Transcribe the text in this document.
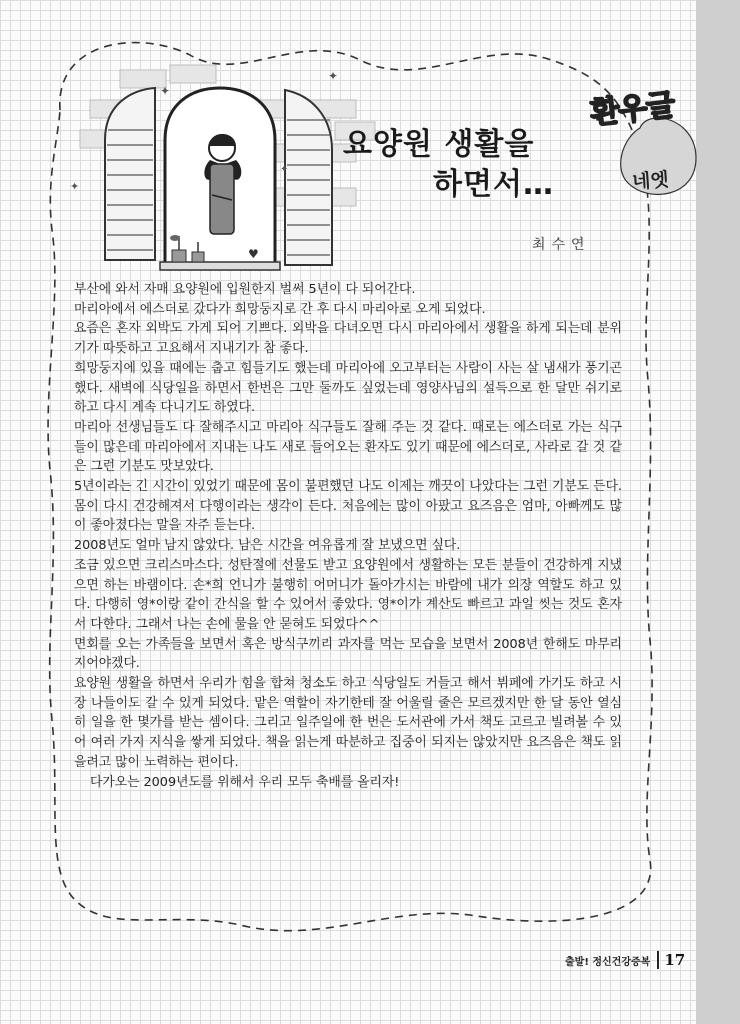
♥
✦
✦
✦
✦
환우글
네엣
요양원 생활을
하면서…
최수연

부산에 와서 자매 요양원에 입원한지 벌써 5년이 다 되어간다.

마리아에서 에스더로 갔다가 희망둥지로 간 후 다시 마리아로 오게 되었다.

요즘은 혼자 외박도 가게 되어 기쁘다. 외박을 다녀오면 다시 마리아에서 생활을 하게 되는데 분위기가 따뜻하고 고요해서 지내기가 참 좋다.

희망둥지에 있을 때에는 춥고 힘들기도 했는데 마리아에 오고부터는 사람이 사는 살 냄새가 풍기곤 했다. 새벽에 식당일을 하면서 한번은 그만 둘까도 싶었는데 영양사님의 설득으로 한 달만 쉬기로 하고 다시 계속 다니기도 하였다.

마리아 선생님들도 다 잘해주시고 마리아 식구들도 잘해 주는 것 같다. 때로는 에스더로 가는 식구들이 많은데 마리아에서 지내는 나도 새로 들어오는 환자도 있기 때문에 에스더로, 사라로 갈 것 같은 그런 기분도 맛보았다.

5년이라는 긴 시간이 있었기 때문에 몸이 불편했던 나도 이제는 깨끗이 나았다는 그런 기분도 든다. 몸이 다시 건강해져서 다행이라는 생각이 든다. 처음에는 많이 아팠고 요즈음은 엄마, 아빠께도 많이 좋아졌다는 말을 자주 듣는다.

2008년도 얼마 남지 않았다. 남은 시간을 여유롭게 잘 보냈으면 싶다.

조금 있으면 크리스마스다. 성탄절에 선물도 받고 요양원에서 생활하는 모든 분들이 건강하게 지냈으면 하는 바램이다. 손*희 언니가 불행히 어머니가 돌아가시는 바람에 내가 의장 역할도 하고 있다. 다행히 영*이랑 같이 간식을 할 수 있어서 좋았다. 영*이가 계산도 빠르고 과일 씻는 것도 혼자서 다한다. 그래서 나는 손에 물을 안 묻혀도 되었다^^

면회를 오는 가족들을 보면서 혹은 방식구끼리 과자를 먹는 모습을 보면서 2008년 한해도 마무리 지어야겠다.

요양원 생활을 하면서 우리가 힘을 합쳐 청소도 하고 식당일도 거들고 해서 뷔페에 가기도 하고 시장 나들이도 갈 수 있게 되었다. 맡은 역할이 자기한테 잘 어울릴 줄은 모르겠지만 한 달 동안 열심히 일을 한 몇가를 받는 셈이다. 그리고 일주일에 한 번은 도서관에 가서 책도 고르고 빌려볼 수 있어 여러 가지 지식을 쌓게 되었다. 책을 읽는게 따분하고 집중이 되지는 않았지만 요즈음은 책도 읽을려고 많이 노력하는 편이다.

다가오는 2009년도를 위해서 우리 모두 축배를 올리자!

출발! 정신건강증복 17
